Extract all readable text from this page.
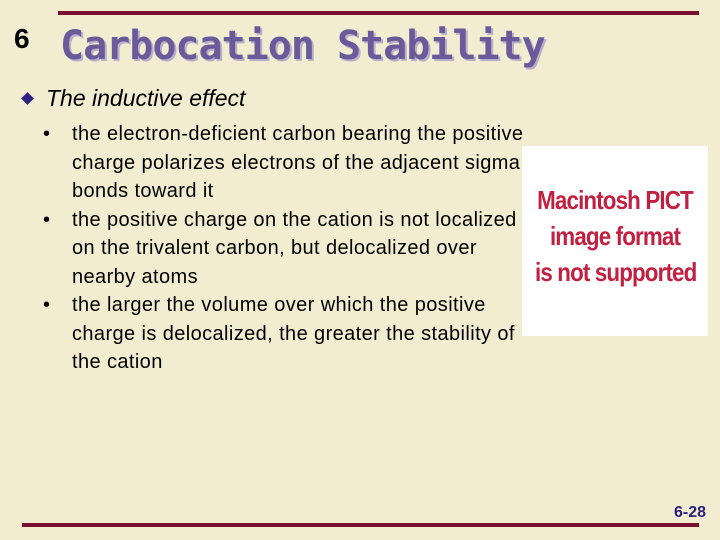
6 Carbocation Stability
The inductive effect
• the electron-deficient carbon bearing the positive charge polarizes electrons of the adjacent sigma bonds toward it
• the positive charge on the cation is not localized on the trivalent carbon, but delocalized over nearby atoms
• the larger the volume over which the positive charge is delocalized, the greater the stability of the cation
Macintosh PICT
image format
is not supported
6-28
